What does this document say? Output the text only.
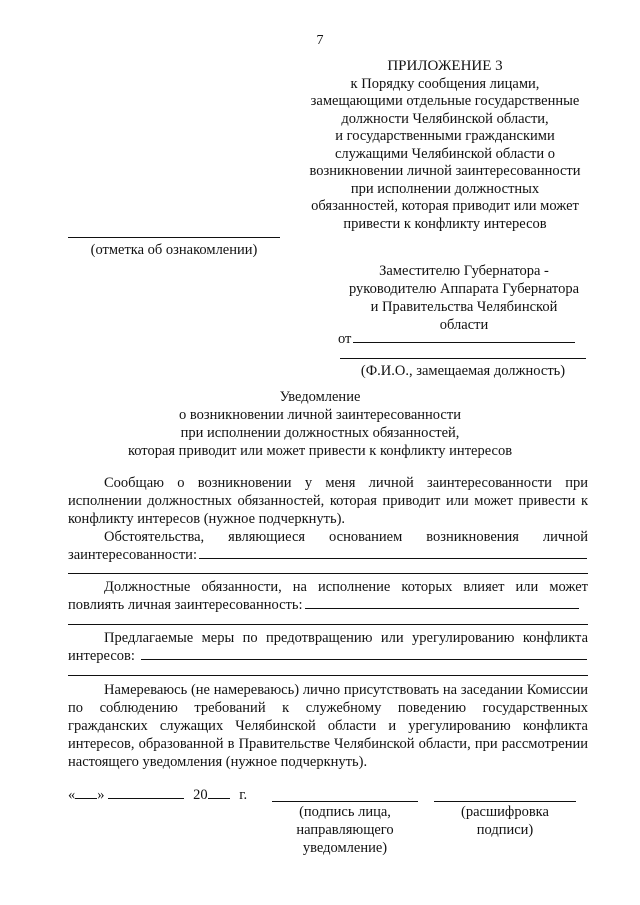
7
ПРИЛОЖЕНИЕ 3
к Порядку сообщения лицами,
замещающими отдельные государственные
должности Челябинской области,
и государственными гражданскими
служащими Челябинской области о
возникновении личной заинтересованности
при исполнении должностных
обязанностей, которая приводит или может
привести к конфликту интересов
(отметка об ознакомлении)
Заместителю Губернатора -
руководителю Аппарата Губернатора
и Правительства Челябинской
области
от
(Ф.И.О., замещаемая должность)
Уведомление
о возникновении личной заинтересованности
при исполнении должностных обязанностей,
которая приводит или может привести к конфликту интересов
Сообщаю о возникновении у меня личной заинтересованности при исполнении должностных обязанностей, которая приводит или может привести к конфликту интересов (нужное подчеркнуть).
Обстоятельства, являющиеся основанием возникновения личной
заинтересованности:
Должностные обязанности, на исполнение которых влияет или может
повлиять личная заинтересованность:
Предлагаемые меры по предотвращению или урегулированию конфликта
интересов:
Намереваюсь (не намереваюсь) лично присутствовать на заседании Комиссии по соблюдению требований к служебному поведению государственных гражданских служащих Челябинской области и урегулированию конфликта интересов, образованной в Правительстве Челябинской области, при рассмотрении настоящего уведомления (нужное подчеркнуть).
« »	20 г.
(подпись лица,
направляющего
уведомление)
(расшифровка
подписи)
